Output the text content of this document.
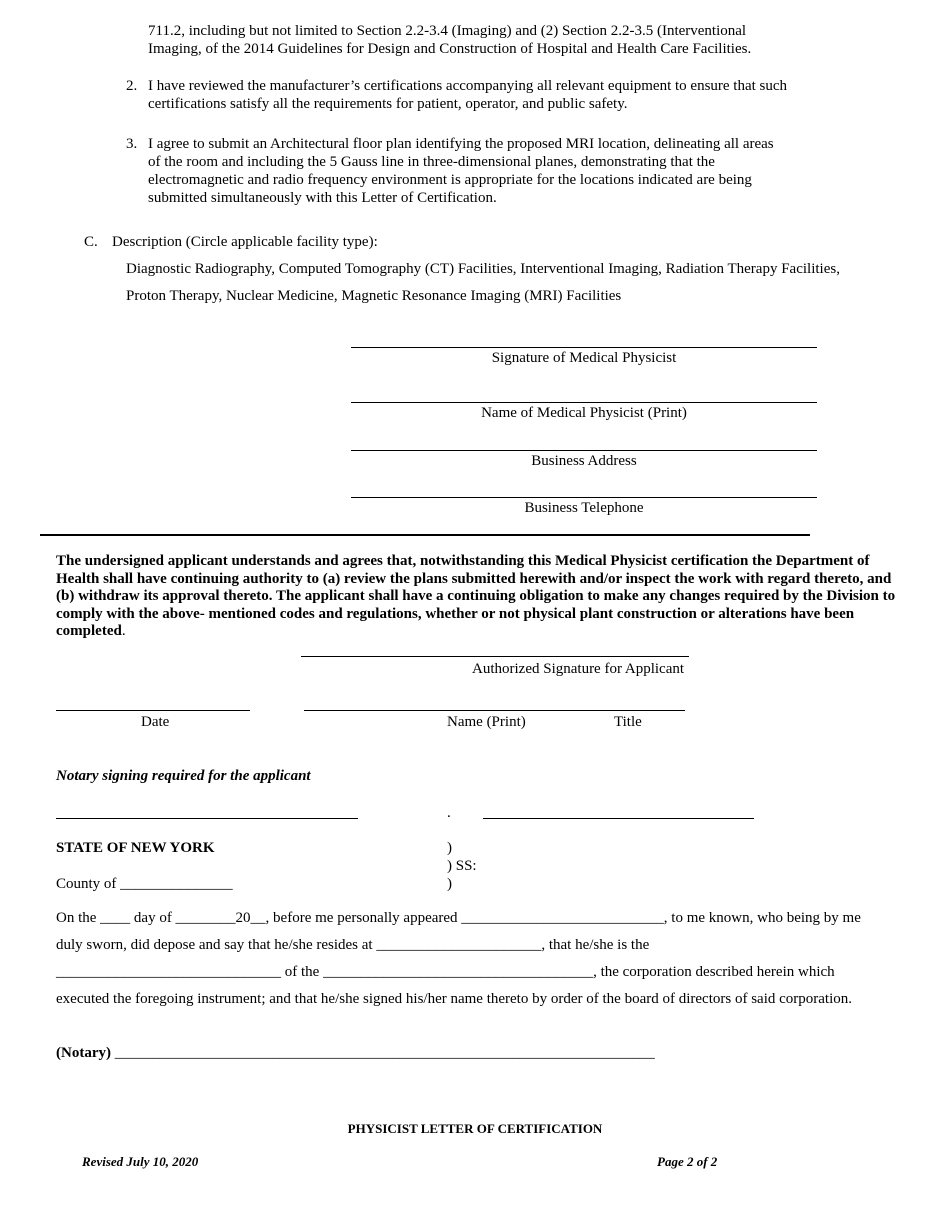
711.2, including but not limited to Section 2.2-3.4 (Imaging) and (2) Section 2.2-3.5 (Interventional Imaging, of the 2014 Guidelines for Design and Construction of Hospital and Health Care Facilities.
2. I have reviewed the manufacturer’s certifications accompanying all relevant equipment to ensure that such certifications satisfy all the requirements for patient, operator, and public safety.
3. I agree to submit an Architectural floor plan identifying the proposed MRI location, delineating all areas of the room and including the 5 Gauss line in three-dimensional planes, demonstrating that the electromagnetic and radio frequency environment is appropriate for the locations indicated are being submitted simultaneously with this Letter of Certification.
C. Description (Circle applicable facility type):
Diagnostic Radiography, Computed Tomography (CT) Facilities, Interventional Imaging, Radiation Therapy Facilities,
Proton Therapy, Nuclear Medicine, Magnetic Resonance Imaging (MRI) Facilities
Signature of Medical Physicist
Name of Medical Physicist (Print)
Business Address
Business Telephone
The undersigned applicant understands and agrees that, notwithstanding this Medical Physicist certification the Department of Health shall have continuing authority to (a) review the plans submitted herewith and/or inspect the work with regard thereto, and (b) withdraw its approval thereto. The applicant shall have a continuing obligation to make any changes required by the Division to comply with the above- mentioned codes and regulations, whether or not physical plant construction or alterations have been completed.
Authorized Signature for Applicant
Date	Name (Print)	Title
Notary signing required for the applicant
.
STATE OF NEW YORK	)
) SS:
)
County of _______________
On the ____ day of ________20__, before me personally appeared ___________________________, to me known, who being by me
duly sworn, did depose and say that he/she resides at ______________________, that he/she is the
______________________________ of the ____________________________________, the corporation described herein which
executed the foregoing instrument; and that he/she signed his/her name thereto by order of the board of directors of said corporation.
(Notary) ________________________________________________________________________
PHYSICIST LETTER OF CERTIFICATION
Revised July 10, 2020	Page 2 of 2
